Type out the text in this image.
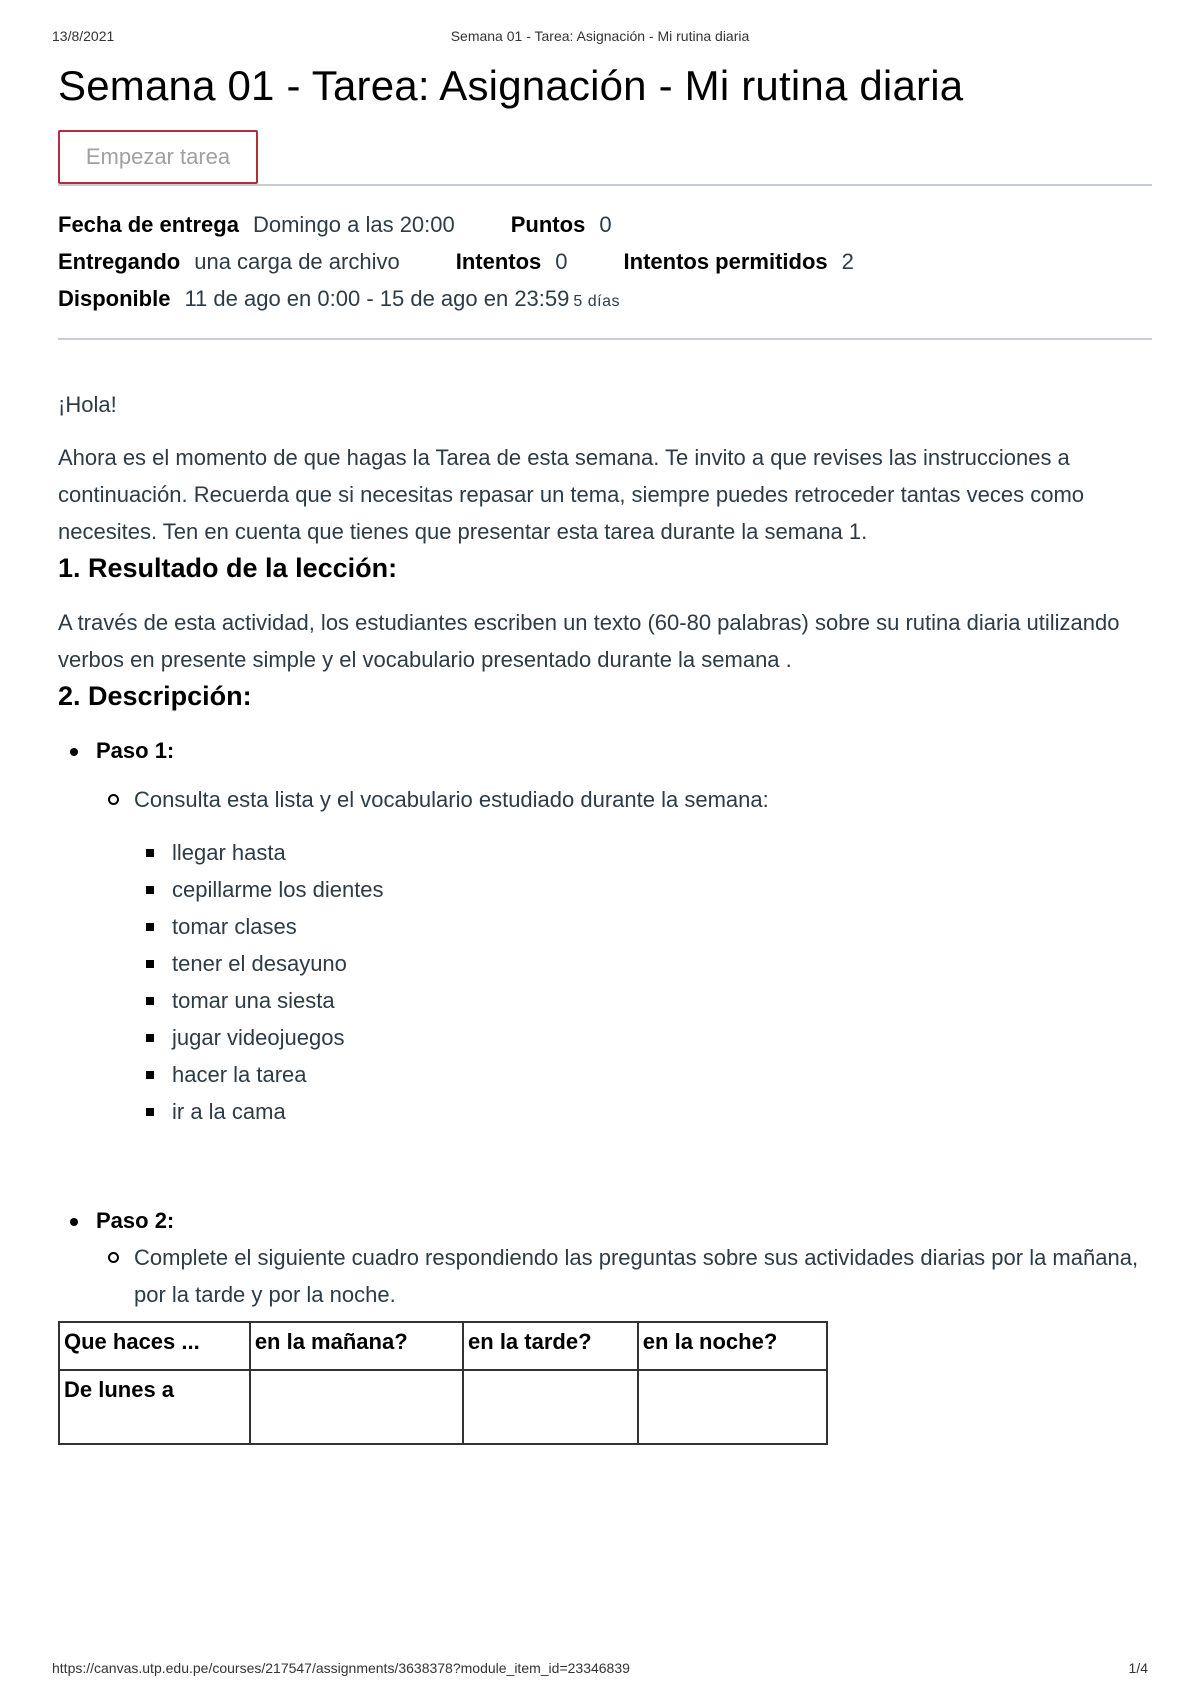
13/8/2021	Semana 01 - Tarea: Asignación - Mi rutina diaria
Semana 01 - Tarea: Asignación - Mi rutina diaria
Empezar tarea
Fecha de entrega Domingo a las 20:00	Puntos 0
Entregando una carga de archivo	Intentos 0	Intentos permitidos 2
Disponible 11 de ago en 0:00 - 15 de ago en 23:59 5 días
¡Hola!
Ahora es el momento de que hagas la Tarea de esta semana. Te invito a que revises las instrucciones a continuación. Recuerda que si necesitas repasar un tema, siempre puedes retroceder tantas veces como necesites. Ten en cuenta que tienes que presentar esta tarea durante la semana 1.
1. Resultado de la lección:
A través de esta actividad, los estudiantes escriben un texto (60-80 palabras) sobre su rutina diaria utilizando verbos en presente simple y el vocabulario presentado durante la semana .
2. Descripción:
Paso 1:
Consulta esta lista y el vocabulario estudiado durante la semana:
llegar hasta
cepillarme los dientes
tomar clases
tener el desayuno
tomar una siesta
jugar videojuegos
hacer la tarea
ir a la cama
Paso 2:
Complete el siguiente cuadro respondiendo las preguntas sobre sus actividades diarias por la mañana, por la tarde y por la noche.
Que haces ...	en la mañana?	en la tarde?	en la noche?
De lunes a			
https://canvas.utp.edu.pe/courses/217547/assignments/3638378?module_item_id=23346839	1/4
